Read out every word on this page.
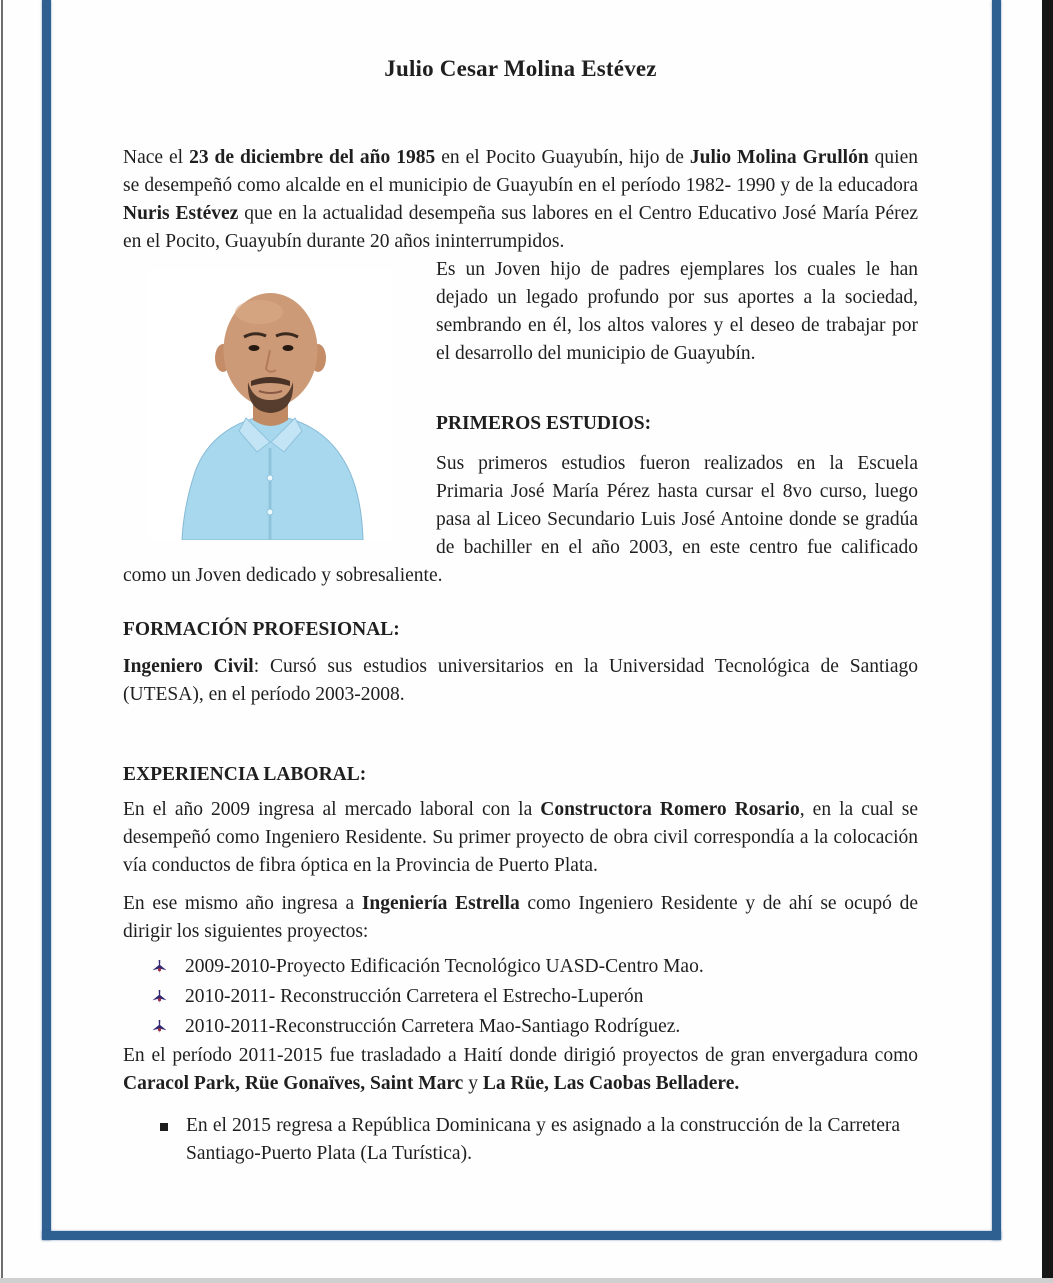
Julio Cesar Molina Estévez

Nace el 23 de diciembre del año 1985 en el Pocito Guayubín, hijo de Julio Molina Grullón quien se desempeñó como alcalde en el municipio de Guayubín en el período 1982- 1990 y de la educadora Nuris Estévez que en la actualidad desempeña sus labores en el Centro Educativo José María Pérez en el Pocito, Guayubín durante 20 años ininterrumpidos.

Es un Joven hijo de padres ejemplares los cuales le han dejado un legado profundo por sus aportes a la sociedad, sembrando en él, los altos valores y el deseo de trabajar por el desarrollo del municipio de Guayubín.

PRIMEROS ESTUDIOS:

Sus primeros estudios fueron realizados en la Escuela Primaria José María Pérez hasta cursar el 8vo curso, luego pasa al Liceo Secundario Luis José Antoine donde se gradúa de bachiller en el año 2003, en este centro fue calificado como un Joven dedicado y sobresaliente.

FORMACIÓN PROFESIONAL:

Ingeniero Civil: Cursó sus estudios universitarios en la Universidad Tecnológica de Santiago (UTESA), en el período 2003-2008.

EXPERIENCIA LABORAL:

En el año 2009 ingresa al mercado laboral con la Constructora Romero Rosario, en la cual se desempeñó como Ingeniero Residente. Su primer proyecto de obra civil correspondía a la colocación vía conductos de fibra óptica en la Provincia de Puerto Plata.

En ese mismo año ingresa a Ingeniería Estrella como Ingeniero Residente y de ahí se ocupó de dirigir los siguientes proyectos:

2009-2010-Proyecto Edificación Tecnológico UASD-Centro Mao.
2010-2011- Reconstrucción Carretera el Estrecho-Luperón
2010-2011-Reconstrucción Carretera Mao-Santiago Rodríguez.

En el período 2011-2015 fue trasladado a Haití donde dirigió proyectos de gran envergadura como Caracol Park, Rüe Gonaïves, Saint Marc y La Rüe, Las Caobas Belladere.

En el 2015 regresa a República Dominicana y es asignado a la construcción de la Carretera Santiago-Puerto Plata (La Turística).
